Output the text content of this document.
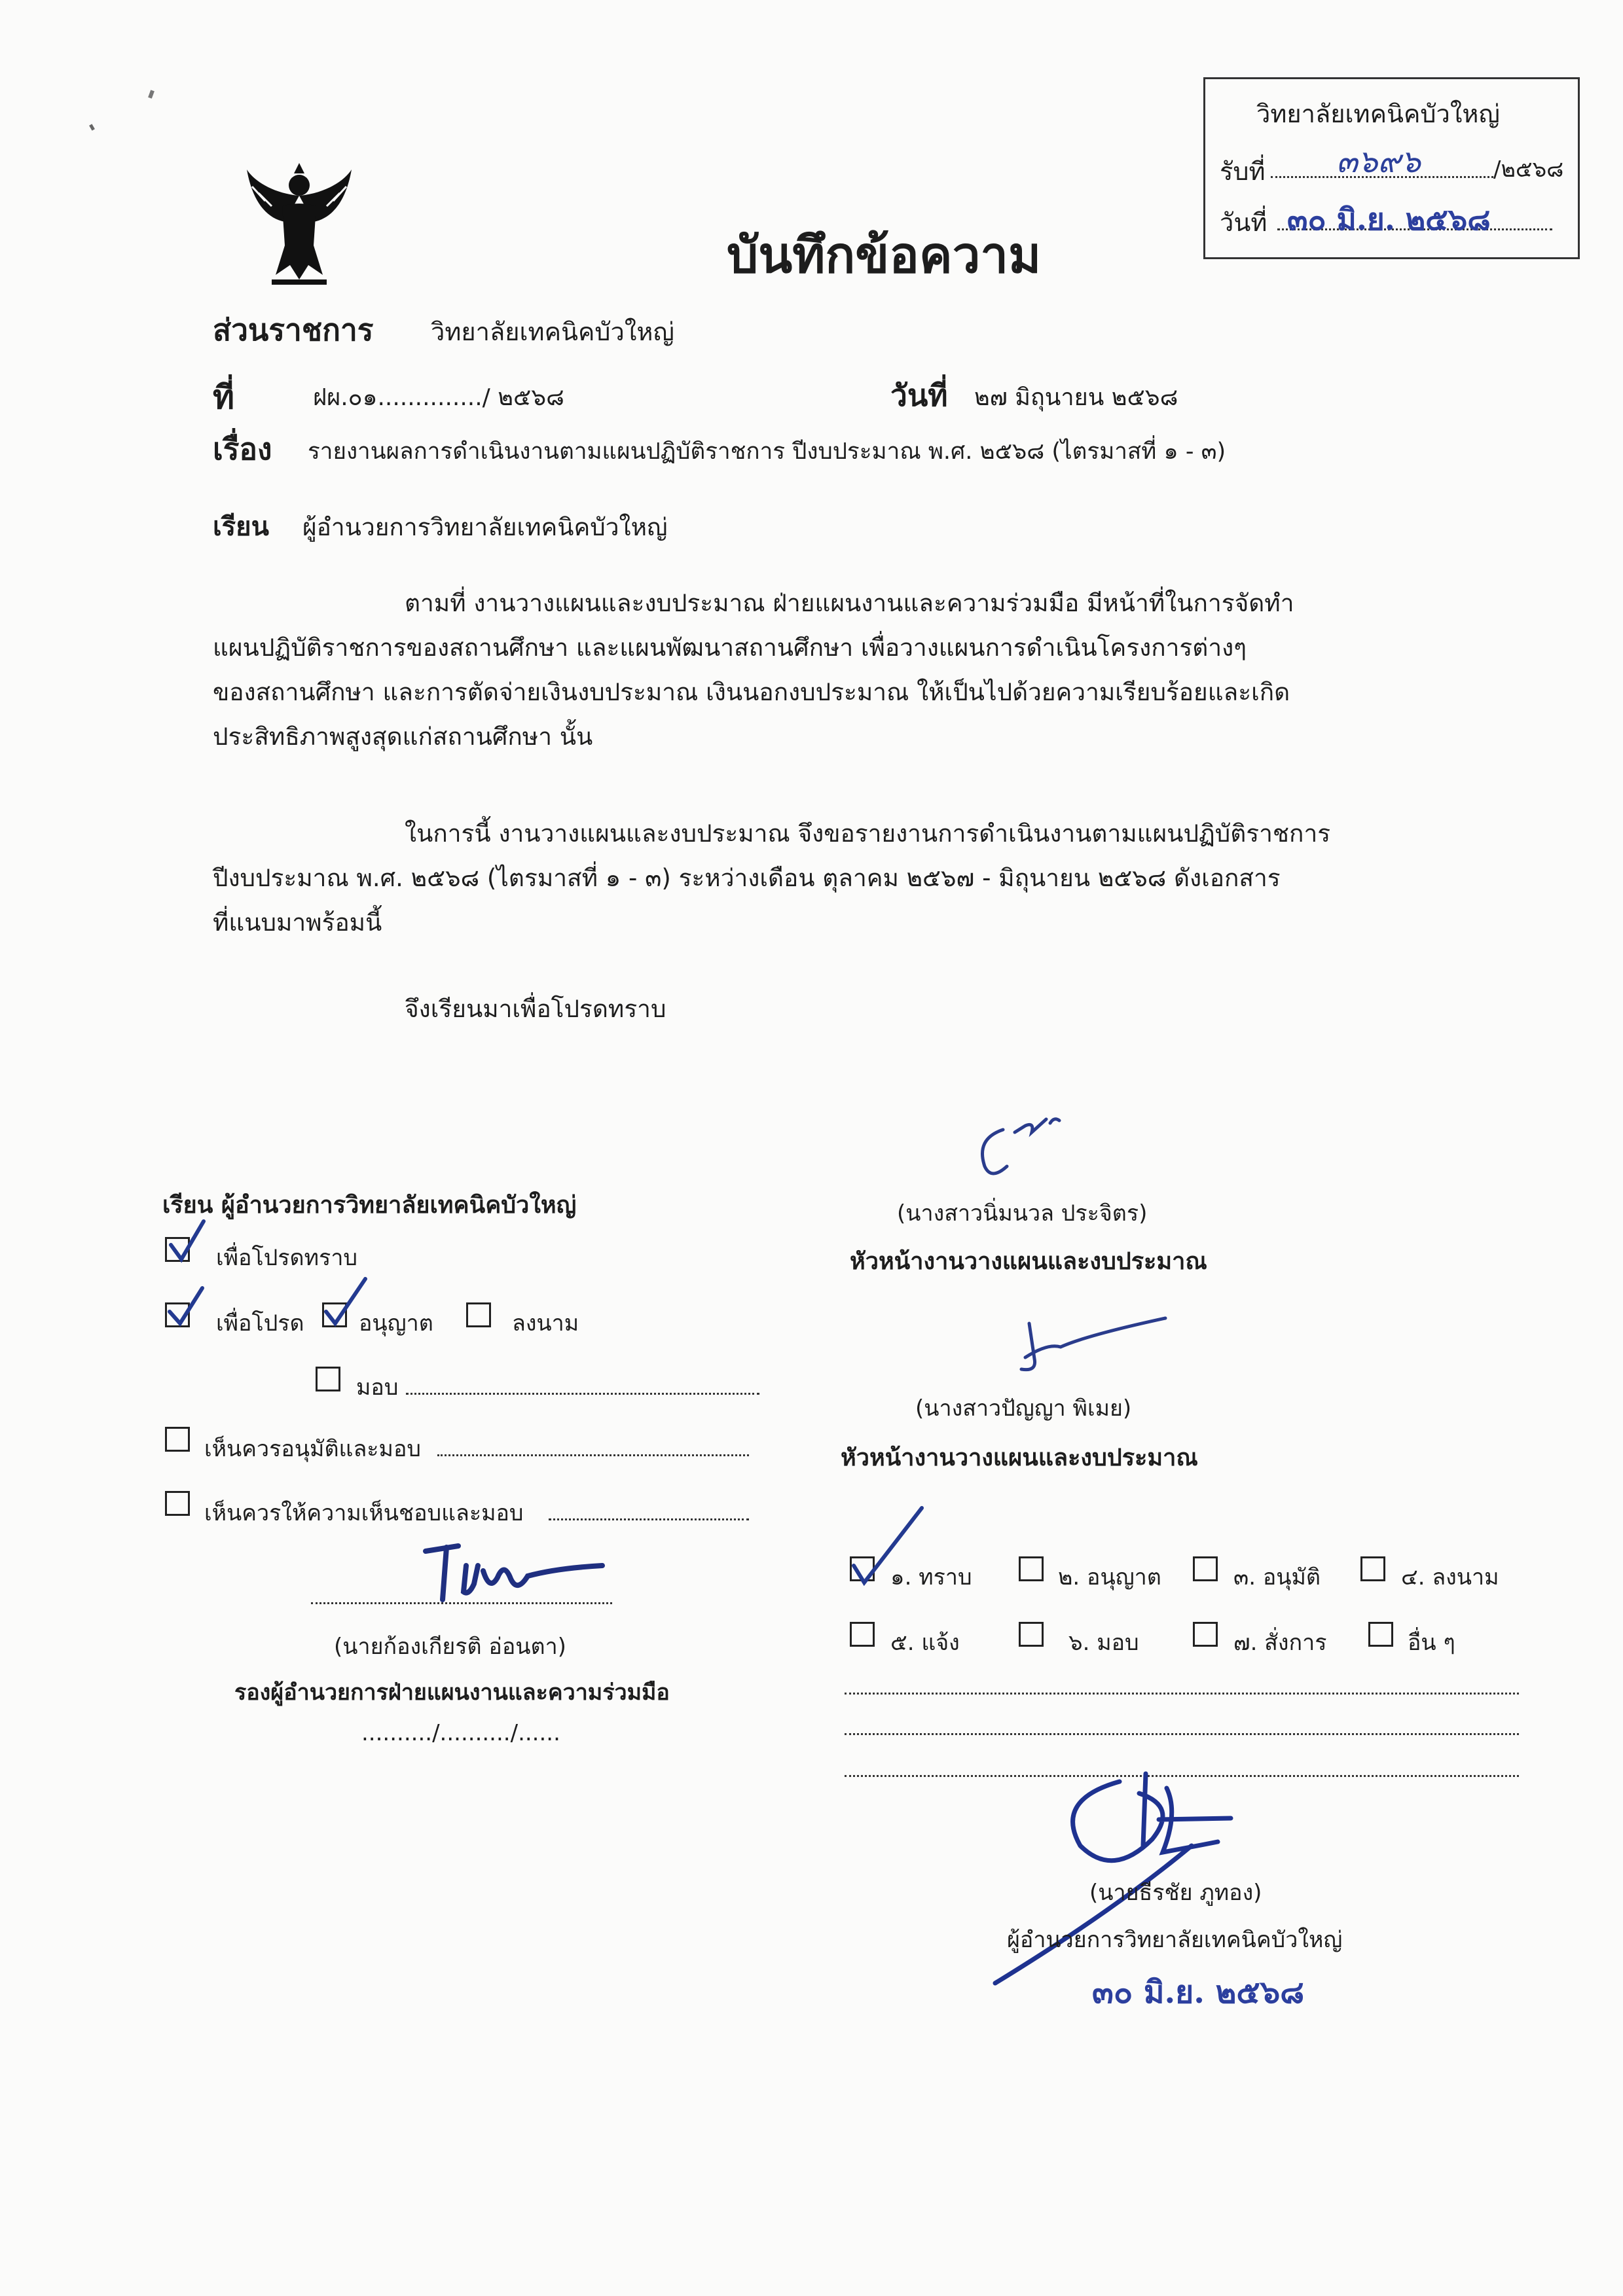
วิทยาลัยเทคนิคบัวใหญ่
รับที่ ๓๖๙๖	/๒๕๖๘
วันที่ ๓๐ มิ.ย. ๒๕๖๘
บันทึกข้อความ
ส่วนราชการ วิทยาลัยเทคนิคบัวใหญ่
ที่	ฝผ.๐๑............../ ๒๕๖๘	วันที่ ๒๗ มิถุนายน ๒๕๖๘
เรื่อง รายงานผลการดำเนินงานตามแผนปฏิบัติราชการ ปีงบประมาณ พ.ศ. ๒๕๖๘ (ไตรมาสที่ ๑ - ๓)
เรียน ผู้อำนวยการวิทยาลัยเทคนิคบัวใหญ่
ตามที่ งานวางแผนและงบประมาณ ฝ่ายแผนงานและความร่วมมือ มีหน้าที่ในการจัดทำ
แผนปฏิบัติราชการของสถานศึกษา และแผนพัฒนาสถานศึกษา เพื่อวางแผนการดำเนินโครงการต่างๆ
ของสถานศึกษา และการตัดจ่ายเงินงบประมาณ เงินนอกงบประมาณ ให้เป็นไปด้วยความเรียบร้อยและเกิด
ประสิทธิภาพสูงสุดแก่สถานศึกษา นั้น
ในการนี้ งานวางแผนและงบประมาณ จึงขอรายงานการดำเนินงานตามแผนปฏิบัติราชการ
ปีงบประมาณ พ.ศ. ๒๕๖๘ (ไตรมาสที่ ๑ - ๓) ระหว่างเดือน ตุลาคม ๒๕๖๗ - มิถุนายน ๒๕๖๘ ดังเอกสาร
ที่แนบมาพร้อมนี้
จึงเรียนมาเพื่อโปรดทราบ
เรียน ผู้อำนวยการวิทยาลัยเทคนิคบัวใหญ่
เพื่อโปรดทราบ
เพื่อโปรด อนุญาต	ลงนาม
มอบ
เห็นควรอนุมัติและมอบ
เห็นควรให้ความเห็นชอบและมอบ
(นายก้องเกียรติ อ่อนตา)
รองผู้อำนวยการฝ่ายแผนงานและความร่วมมือ
........../........../......
(นางสาวนิ่มนวล ประจิตร)
หัวหน้างานวางแผนและงบประมาณ
(นางสาวปัญญา พิเมย)
หัวหน้างานวางแผนและงบประมาณ
๑. ทราบ	๒. อนุญาต	๓. อนุมัติ	๔. ลงนาม
๕. แจ้ง	๖. มอบ	๗. สั่งการ	อื่น ๆ
(นายธีรชัย ภูทอง)
ผู้อำนวยการวิทยาลัยเทคนิคบัวใหญ่
๓๐ มิ.ย. ๒๕๖๘
